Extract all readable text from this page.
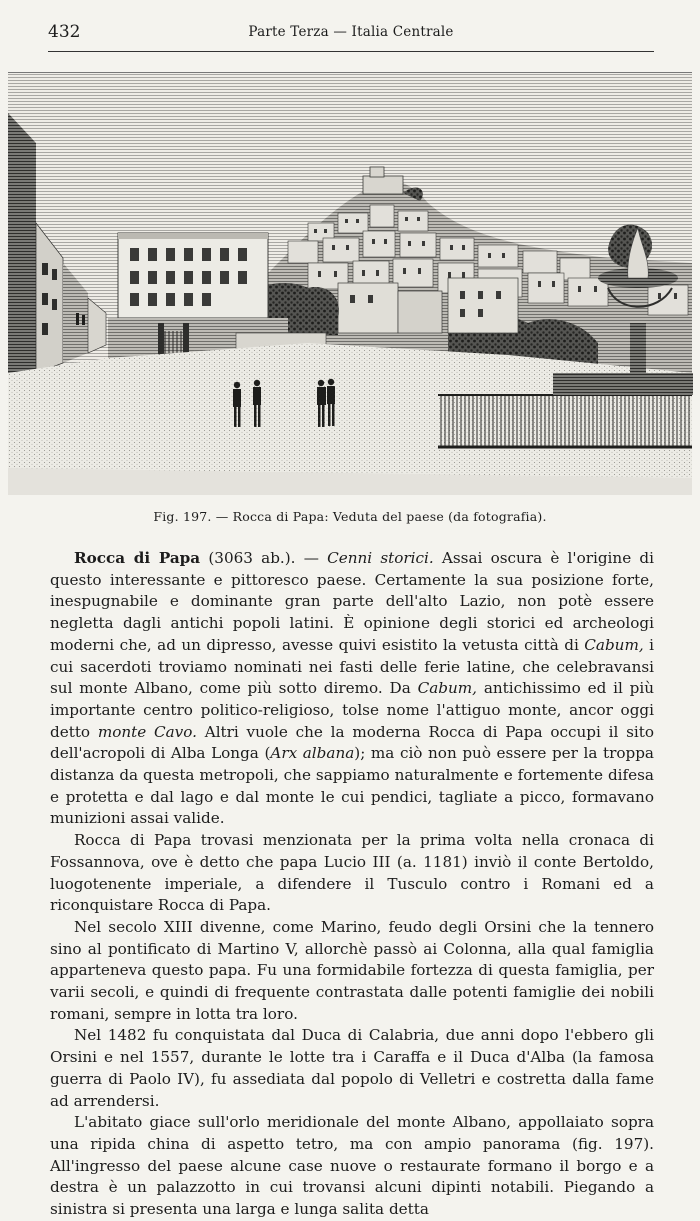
432	Parte Terza — Italia Centrale
Fig. 197. — Rocca di Papa: Veduta del paese (da fotografia).

Rocca di Papa (3063 ab.). — Cenni storici. Assai oscura è l'origine di questo interessante e pittoresco paese. Certamente la sua posizione forte, inespugnabile e dominante gran parte dell'alto Lazio, non potè essere negletta dagli antichi popoli latini. È opinione degli storici ed archeologi moderni che, ad un dipresso, avesse quivi esistito la vetusta città di Cabum, i cui sacerdoti troviamo nominati nei fasti delle ferie latine, che celebravansi sul monte Albano, come più sotto diremo. Da Cabum, antichissimo ed il più importante centro politico-religioso, tolse nome l'attiguo monte, ancor oggi detto monte Cavo. Altri vuole che la moderna Rocca di Papa occupi il sito dell'acropoli di Alba Longa (Arx albana); ma ciò non può essere per la troppa distanza da questa metropoli, che sappiamo naturalmente e fortemente difesa e protetta e dal lago e dal monte le cui pendici, tagliate a picco, formavano munizioni assai valide.

Rocca di Papa trovasi menzionata per la prima volta nella cronaca di Fossannova, ove è detto che papa Lucio III (a. 1181) inviò il conte Bertoldo, luogotenente imperiale, a difendere il Tusculo contro i Romani ed a riconquistare Rocca di Papa.

Nel secolo XIII divenne, come Marino, feudo degli Orsini che la tennero sino al pontificato di Martino V, allorchè passò ai Colonna, alla qual famiglia apparteneva questo papa. Fu una formidabile fortezza di questa famiglia, per varii secoli, e quindi di frequente contrastata dalle potenti famiglie dei nobili romani, sempre in lotta tra loro.

Nel 1482 fu conquistata dal Duca di Calabria, due anni dopo l'ebbero gli Orsini e nel 1557, durante le lotte tra i Caraffa e il Duca d'Alba (la famosa guerra di Paolo IV), fu assediata dal popolo di Velletri e costretta dalla fame ad arrendersi.

L'abitato giace sull'orlo meridionale del monte Albano, appollaiato sopra una ripida china di aspetto tetro, ma con ampio panorama (fig. 197). All'ingresso del paese alcune case nuove o restaurate formano il borgo e a destra è un palazzotto in cui trovansi alcuni dipinti notabili. Piegando a sinistra si presenta una larga e lunga salita detta
